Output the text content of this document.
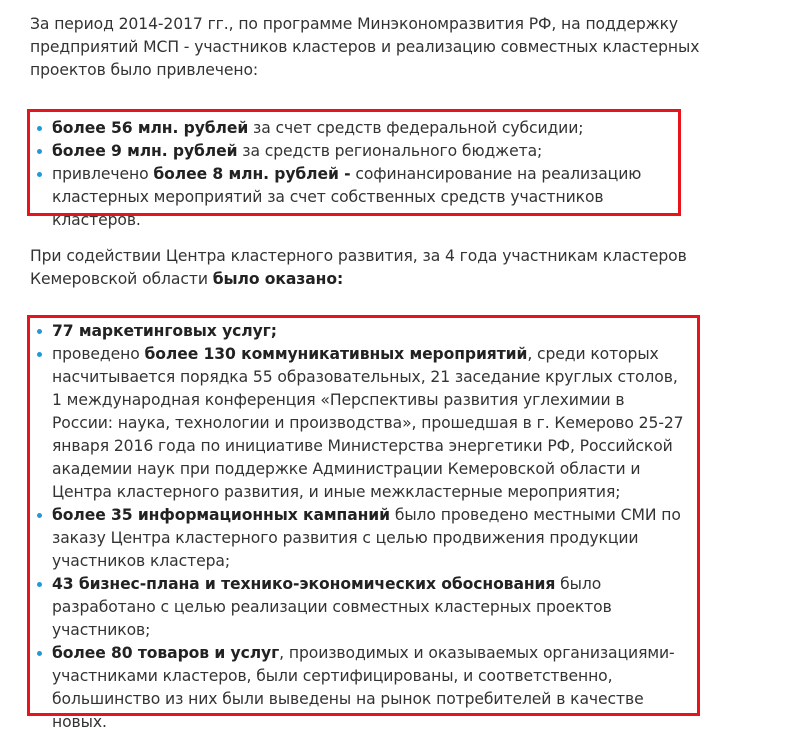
За период 2014-2017 гг., по программе Минэкономразвития РФ, на поддержку предприятий МСП - участников кластеров и реализацию совместных кластерных проектов было привлечено:

более 56 млн. рублей за счет средств федеральной субсидии;
более 9 млн. рублей за средств регионального бюджета;
привлечено более 8 млн. рублей - софинансирование на реализацию кластерных мероприятий за счет собственных средств участников кластеров.

При содействии Центра кластерного развития, за 4 года участникам кластеров Кемеровской области было оказано:

77 маркетинговых услуг;
проведено более 130 коммуникативных мероприятий, среди которых насчитывается порядка 55 образовательных, 21 заседание круглых столов, 1 международная конференция «Перспективы развития углехимии в России: наука, технологии и производства», прошедшая в г. Кемерово 25-27 января 2016 года по инициативе Министерства энергетики РФ, Российской академии наук при поддержке Администрации Кемеровской области и Центра кластерного развития, и иные межкластерные мероприятия;
более 35 информационных кампаний было проведено местными СМИ по заказу Центра кластерного развития с целью продвижения продукции участников кластера;
43 бизнес-плана и технико-экономических обоснования было разработано с целью реализации совместных кластерных проектов участников;
более 80 товаров и услуг, производимых и оказываемых организациями-участниками кластеров, были сертифицированы, и соответственно, большинство из них были выведены на рынок потребителей в качестве новых.
